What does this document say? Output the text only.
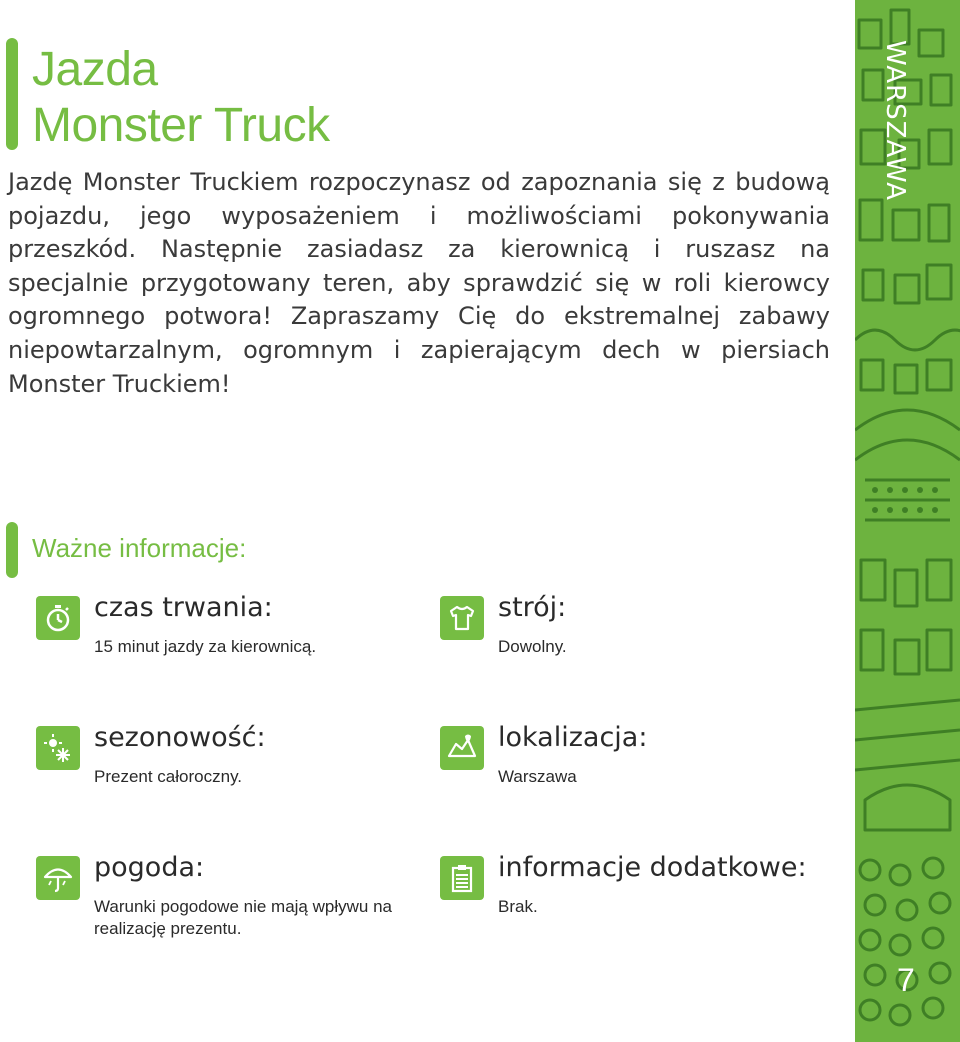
Jazda
Monster Truck
Jazdę Monster Truckiem rozpoczynasz od zapoznania się z budową pojazdu, jego wyposażeniem i możliwościami pokonywania przeszkód. Następnie zasiadasz za kierownicą i ruszasz na specjalnie przygotowany teren, aby sprawdzić się w roli kierowcy ogromnego potwora! Zapraszamy Cię do ekstremalnej zabawy niepowtarzalnym, ogromnym i zapierającym dech w piersiach Monster Truckiem!
Ważne informacje:
czas trwania:
15 minut jazdy za kierownicą.
strój:
Dowolny.
sezonowość:
Prezent całoroczny.
lokalizacja:
Warszawa
pogoda:
Warunki pogodowe nie mają wpływu na realizację prezentu.
informacje dodatkowe:
Brak.
WARSZAWA
7
